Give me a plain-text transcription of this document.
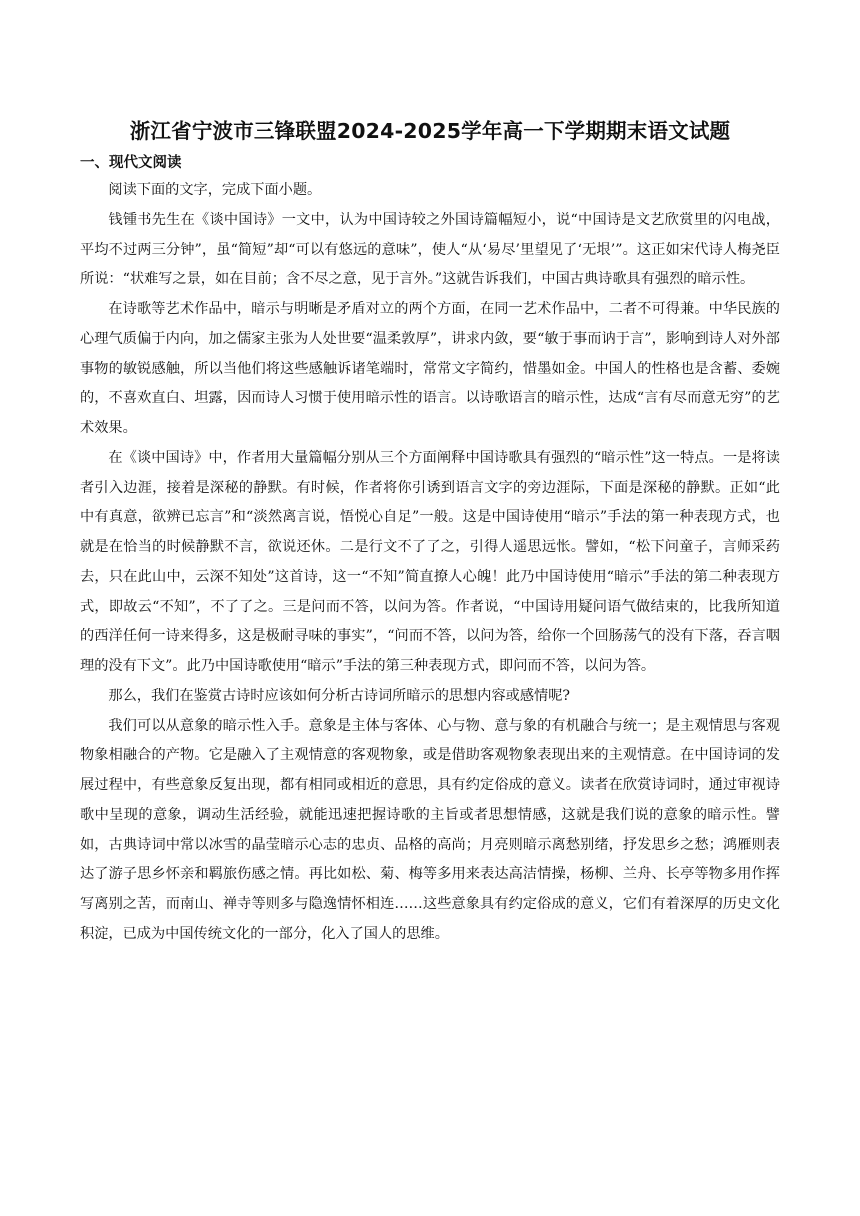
浙江省宁波市三锋联盟2024-2025学年高一下学期期末语文试题
一、现代文阅读

阅读下面的文字，完成下面小题。

钱锺书先生在《谈中国诗》一文中，认为中国诗较之外国诗篇幅短小，说“中国诗是文艺欣赏里的闪电战，平均不过两三分钟”，虽“简短”却“可以有悠远的意味”，使人“从‘易尽’里望见了‘无垠’”。这正如宋代诗人梅尧臣所说：“状难写之景，如在目前；含不尽之意，见于言外。”这就告诉我们，中国古典诗歌具有强烈的暗示性。

在诗歌等艺术作品中，暗示与明晰是矛盾对立的两个方面，在同一艺术作品中，二者不可得兼。中华民族的心理气质偏于内向，加之儒家主张为人处世要“温柔敦厚”，讲求内敛，要“敏于事而讷于言”，影响到诗人对外部事物的敏锐感触，所以当他们将这些感触诉诸笔端时，常常文字简约，惜墨如金。中国人的性格也是含蓄、委婉的，不喜欢直白、坦露，因而诗人习惯于使用暗示性的语言。以诗歌语言的暗示性，达成“言有尽而意无穷”的艺术效果。

在《谈中国诗》中，作者用大量篇幅分别从三个方面阐释中国诗歌具有强烈的“暗示性”这一特点。一是将读者引入边涯，接着是深秘的静默。有时候，作者将你引诱到语言文字的旁边涯际，下面是深秘的静默。正如“此中有真意，欲辨已忘言”和“淡然离言说，悟悦心自足”一般。这是中国诗使用“暗示”手法的第一种表现方式，也就是在恰当的时候静默不言，欲说还休。二是行文不了了之，引得人遥思远怅。譬如，“松下问童子，言师采药去，只在此山中，云深不知处”这首诗，这一“不知”简直撩人心魄！此乃中国诗使用“暗示”手法的第二种表现方式，即故云“不知”，不了了之。三是问而不答，以问为答。作者说，“中国诗用疑问语气做结束的，比我所知道的西洋任何一诗来得多，这是极耐寻味的事实”，“问而不答，以问为答，给你一个回肠荡气的没有下落，吞言咽理的没有下文”。此乃中国诗歌使用“暗示”手法的第三种表现方式，即问而不答，以问为答。

那么，我们在鉴赏古诗时应该如何分析古诗词所暗示的思想内容或感情呢?

我们可以从意象的暗示性入手。意象是主体与客体、心与物、意与象的有机融合与统一；是主观情思与客观物象相融合的产物。它是融入了主观情意的客观物象，或是借助客观物象表现出来的主观情意。在中国诗词的发展过程中，有些意象反复出现，都有相同或相近的意思，具有约定俗成的意义。读者在欣赏诗词时，通过审视诗歌中呈现的意象，调动生活经验，就能迅速把握诗歌的主旨或者思想情感，这就是我们说的意象的暗示性。譬如，古典诗词中常以冰雪的晶莹暗示心志的忠贞、品格的高尚；月亮则暗示离愁别绪，抒发思乡之愁；鸿雁则表达了游子思乡怀亲和羁旅伤感之情。再比如松、菊、梅等多用来表达高洁情操，杨柳、兰舟、长亭等物多用作挥写离别之苦，而南山、禅寺等则多与隐逸情怀相连……这些意象具有约定俗成的意义，它们有着深厚的历史文化积淀，已成为中国传统文化的一部分，化入了国人的思维。
